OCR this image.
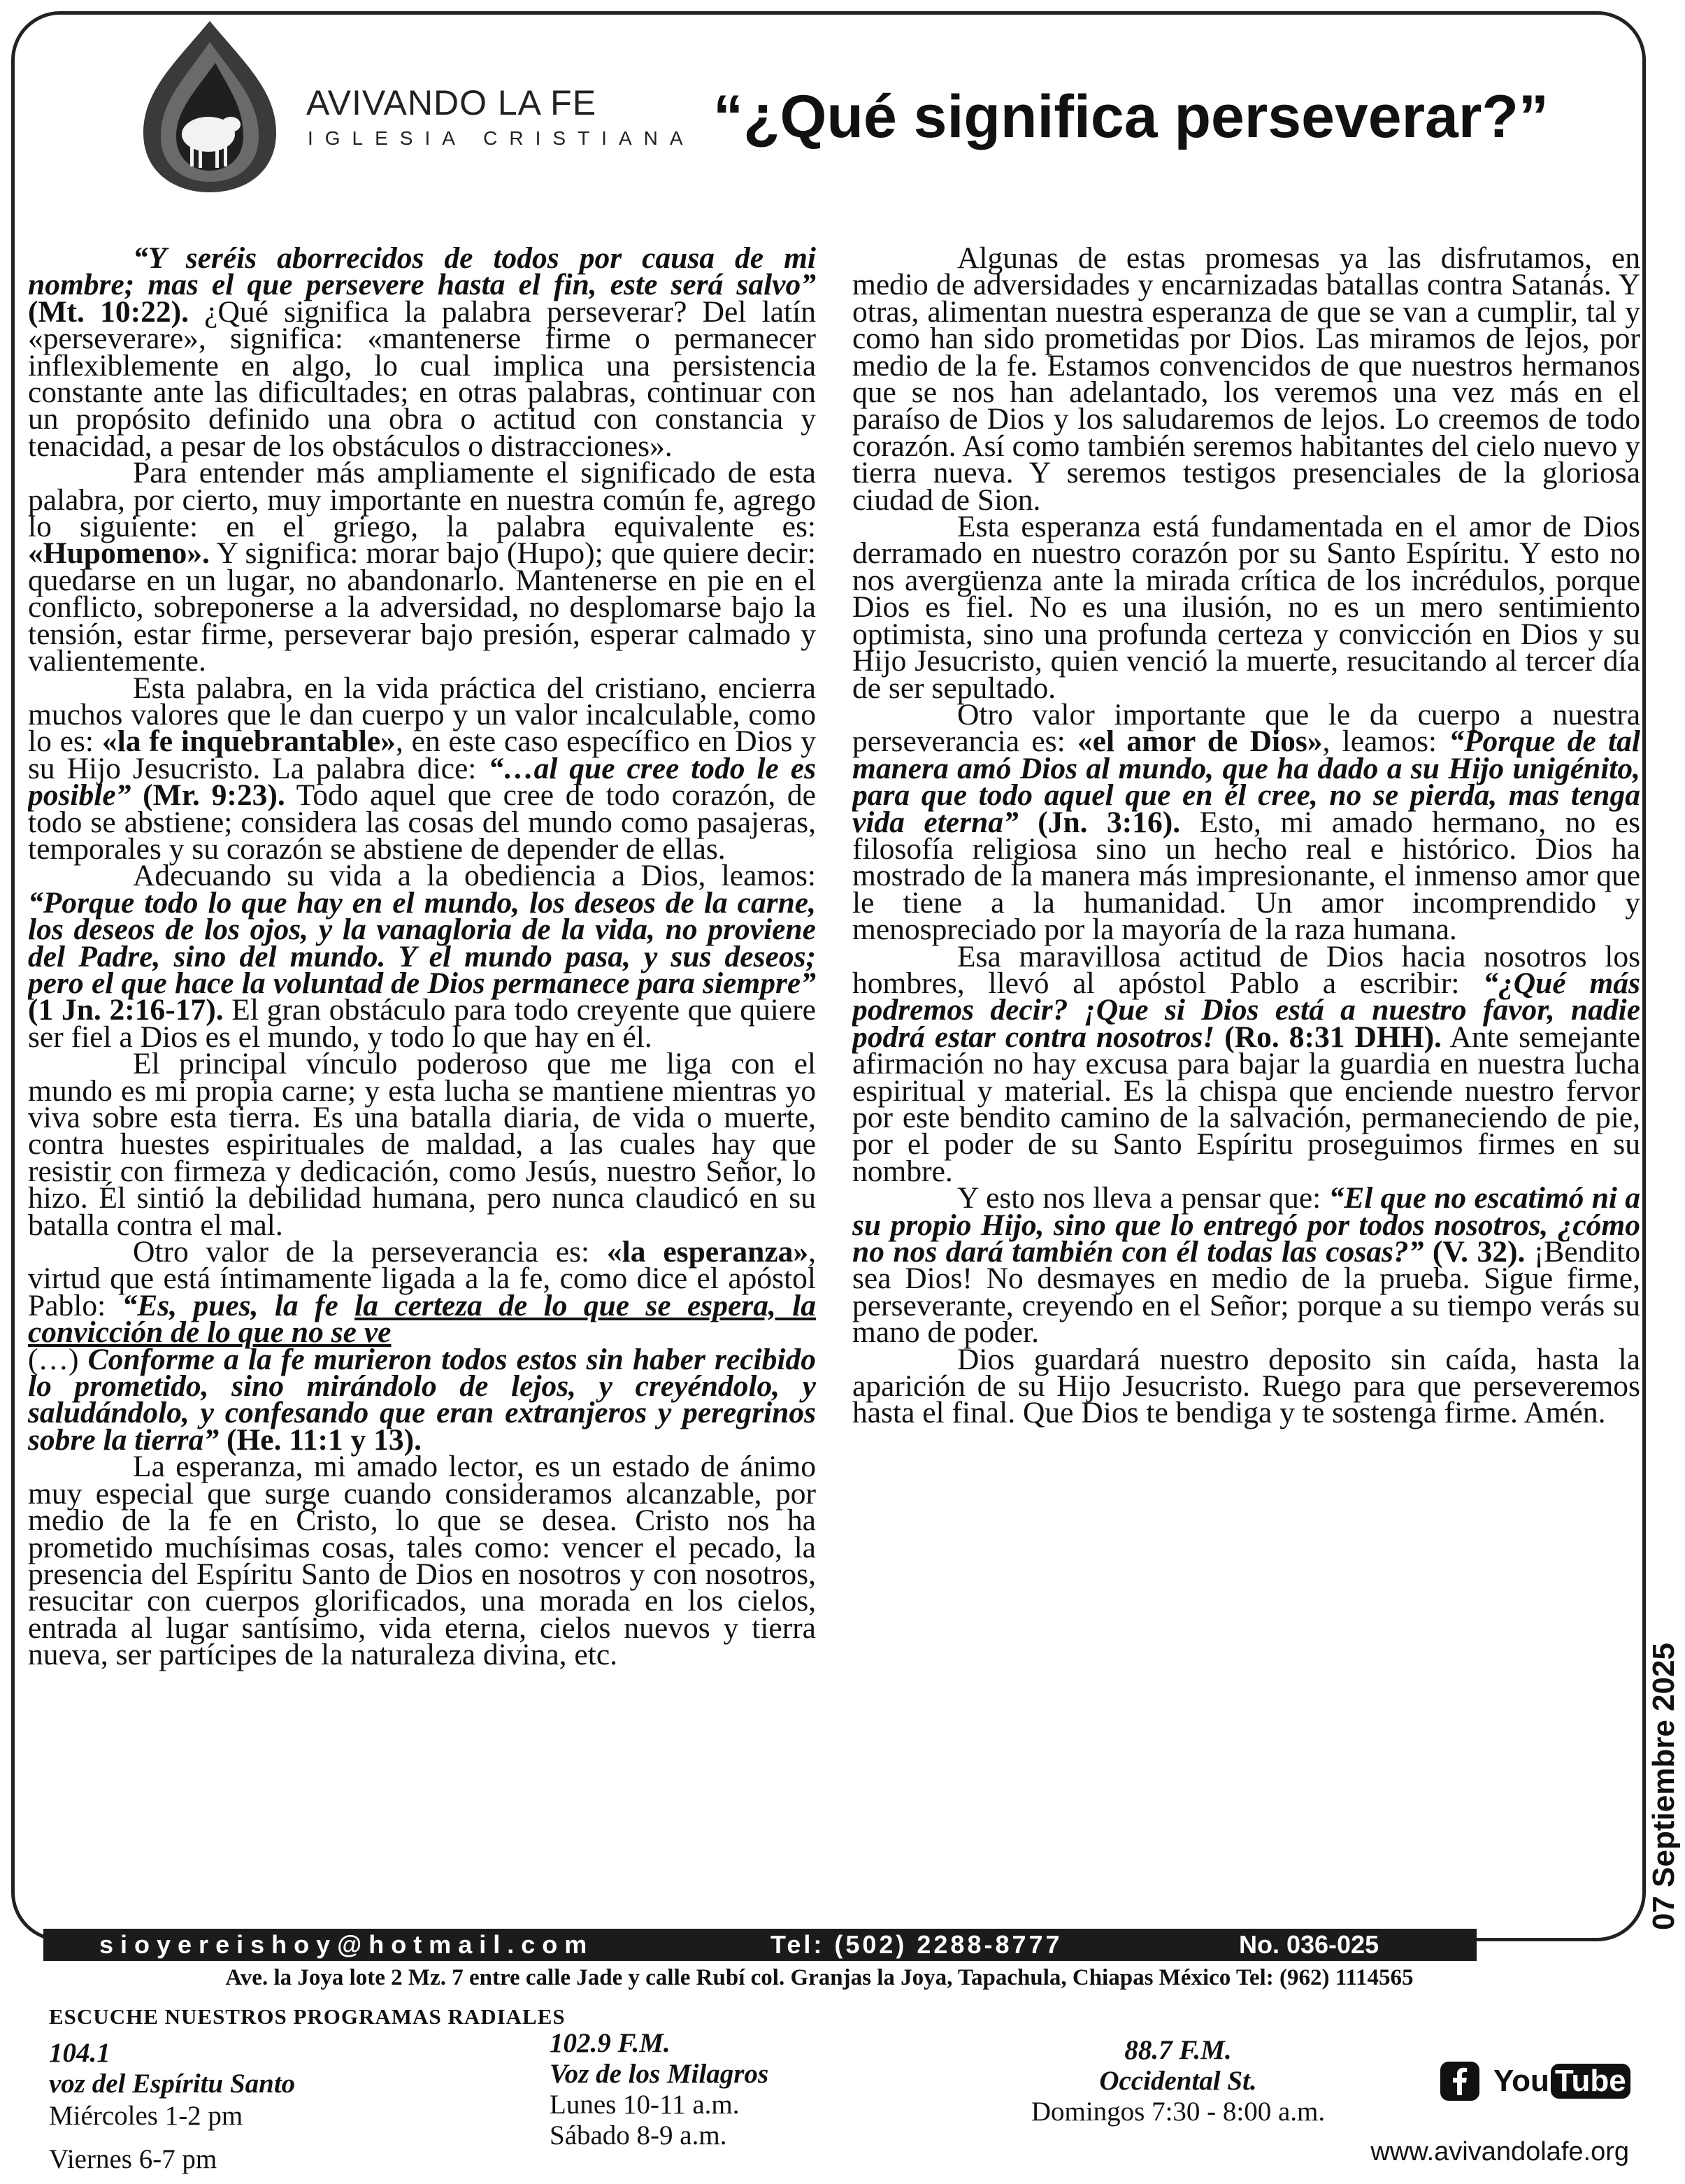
AVIVANDO LA FE
IGLESIA CRISTIANA “¿Qué significa perseverar?”

“Y seréis aborrecidos de todos por causa de mi nombre; mas el que persevere hasta el fin, este será salvo” (Mt. 10:22). ¿Qué significa la palabra perseverar? Del latín «perseverare», significa: «mantenerse firme o permanecer inflexiblemente en algo, lo cual implica una persistencia constante ante las dificultades; en otras palabras, continuar con un propósito definido una obra o actitud con constancia y tenacidad, a pesar de los obstáculos o distracciones».

Para entender más ampliamente el significado de esta palabra, por cierto, muy importante en nuestra común fe, agrego lo siguiente: en el griego, la palabra equivalente es: «Hupomeno». Y significa: morar bajo (Hupo); que quiere decir: quedarse en un lugar, no abandonarlo. Mantenerse en pie en el conflicto, sobreponerse a la adversidad, no desplomarse bajo la tensión, estar firme, perseverar bajo presión, esperar calmado y valientemente.

Esta palabra, en la vida práctica del cristiano, encierra muchos valores que le dan cuerpo y un valor incalculable, como lo es: «la fe inquebrantable», en este caso específico en Dios y su Hijo Jesucristo. La palabra dice: “…al que cree todo le es posible” (Mr. 9:23). Todo aquel que cree de todo corazón, de todo se abstiene; considera las cosas del mundo como pasajeras, temporales y su corazón se abstiene de depender de ellas.

Adecuando su vida a la obediencia a Dios, leamos: “Porque todo lo que hay en el mundo, los deseos de la carne, los deseos de los ojos, y la vanagloria de la vida, no proviene del Padre, sino del mundo. Y el mundo pasa, y sus deseos; pero el que hace la voluntad de Dios permanece para siempre” (1 Jn. 2:16-17). El gran obstáculo para todo creyente que quiere ser fiel a Dios es el mundo, y todo lo que hay en él.

El principal vínculo poderoso que me liga con el mundo es mi propia carne; y esta lucha se mantiene mientras yo viva sobre esta tierra. Es una batalla diaria, de vida o muerte, contra huestes espirituales de maldad, a las cuales hay que resistir con firmeza y dedicación, como Jesús, nuestro Señor, lo hizo. Él sintió la debilidad humana, pero nunca claudicó en su batalla contra el mal.

Otro valor de la perseverancia es: «la esperanza», virtud que está íntimamente ligada a la fe, como dice el apóstol Pablo: “Es, pues, la fe la certeza de lo que se espera, la convicción de lo que no se ve
(…) Conforme a la fe murieron todos estos sin haber recibido lo prometido, sino mirándolo de lejos, y creyéndolo, y saludándolo, y confesando que eran extranjeros y peregrinos sobre la tierra” (He. 11:1 y 13).

La esperanza, mi amado lector, es un estado de ánimo muy especial que surge cuando consideramos alcanzable, por medio de la fe en Cristo, lo que se desea. Cristo nos ha prometido muchísimas cosas, tales como: vencer el pecado, la presencia del Espíritu Santo de Dios en nosotros y con nosotros, resucitar con cuerpos glorificados, una morada en los cielos, entrada al lugar santísimo, vida eterna, cielos nuevos y tierra nueva, ser partícipes de la naturaleza divina, etc.

Algunas de estas promesas ya las disfrutamos, en medio de adversidades y encarnizadas batallas contra Satanás. Y otras, alimentan nuestra esperanza de que se van a cumplir, tal y como han sido prometidas por Dios. Las miramos de lejos, por medio de la fe. Estamos convencidos de que nuestros hermanos que se nos han adelantado, los veremos una vez más en el paraíso de Dios y los saludaremos de lejos. Lo creemos de todo corazón. Así como también seremos habitantes del cielo nuevo y tierra nueva. Y seremos testigos presenciales de la gloriosa ciudad de Sion.

Esta esperanza está fundamentada en el amor de Dios derramado en nuestro corazón por su Santo Espíritu. Y esto no nos avergüenza ante la mirada crítica de los incrédulos, porque Dios es fiel. No es una ilusión, no es un mero sentimiento optimista, sino una profunda certeza y convicción en Dios y su Hijo Jesucristo, quien venció la muerte, resucitando al tercer día de ser sepultado.

Otro valor importante que le da cuerpo a nuestra perseverancia es: «el amor de Dios», leamos: “Porque de tal manera amó Dios al mundo, que ha dado a su Hijo unigénito, para que todo aquel que en él cree, no se pierda, mas tenga vida eterna” (Jn. 3:16). Esto, mi amado hermano, no es filosofía religiosa sino un hecho real e histórico. Dios ha mostrado de la manera más impresionante, el inmenso amor que le tiene a la humanidad. Un amor incomprendido y menospreciado por la mayoría de la raza humana.

Esa maravillosa actitud de Dios hacia nosotros los hombres, llevó al apóstol Pablo a escribir: “¿Qué más podremos decir? ¡Que si Dios está a nuestro favor, nadie podrá estar contra nosotros! (Ro. 8:31 DHH). Ante semejante afirmación no hay excusa para bajar la guardia en nuestra lucha espiritual y material. Es la chispa que enciende nuestro fervor por este bendito camino de la salvación, permaneciendo de pie, por el poder de su Santo Espíritu proseguimos firmes en su nombre.

Y esto nos lleva a pensar que: “El que no escatimó ni a su propio Hijo, sino que lo entregó por todos nosotros, ¿cómo no nos dará también con él todas las cosas?” (V. 32). ¡Bendito sea Dios! No desmayes en medio de la prueba. Sigue firme, perseverante, creyendo en el Señor; porque a su tiempo verás su mano de poder.

Dios guardará nuestro deposito sin caída, hasta la aparición de su Hijo Jesucristo. Ruego para que perseveremos hasta el final. Que Dios te bendiga y te sostenga firme. Amén.

07 Septiembre 2025
sioyereishoy@hotmail.com	Tel: (502) 2288-8777	No. 036-025
Ave. la Joya lote 2 Mz. 7 entre calle Jade y calle Rubí col. Granjas la Joya, Tapachula, Chiapas México Tel: (962) 1114565
ESCUCHE NUESTROS PROGRAMAS RADIALES
104.1
voz del Espíritu Santo
Miércoles 1-2 pm
Viernes 6-7 pm
102.9 F.M.
Voz de los Milagros
Lunes 10-11 a.m.
Sábado 8-9 a.m.
88.7 F.M.
Occidental St.
Domingos 7:30 - 8:00 a.m.
You Tube
www.avivandolafe.org
